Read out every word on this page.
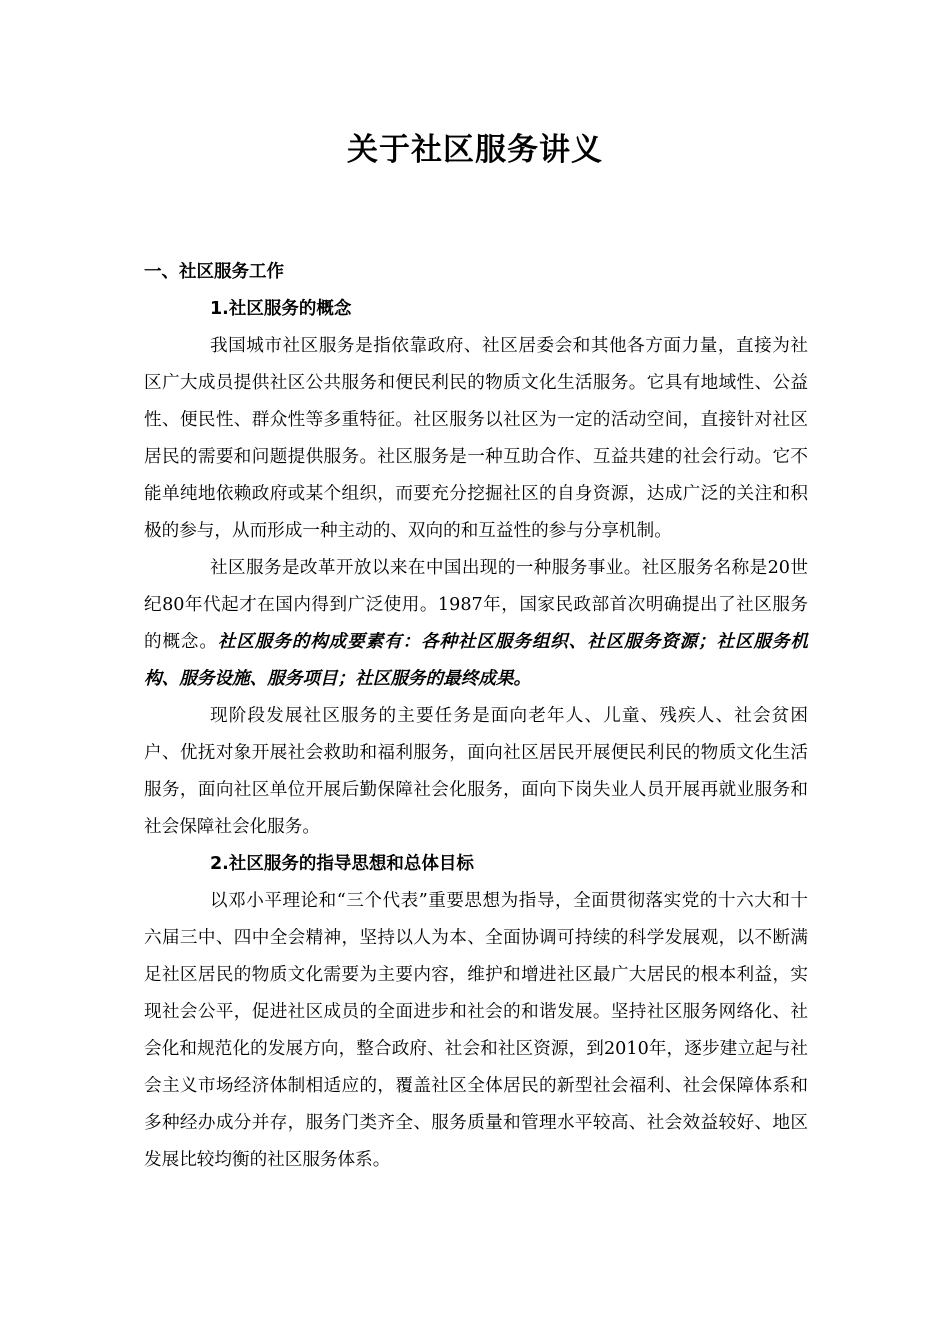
关于社区服务讲义

一、社区服务工作

1.社区服务的概念

我国城市社区服务是指依靠政府、社区居委会和其他各方面力量，直接为社区广大成员提供社区公共服务和便民利民的物质文化生活服务。它具有地域性、公益性、便民性、群众性等多重特征。社区服务以社区为一定的活动空间，直接针对社区居民的需要和问题提供服务。社区服务是一种互助合作、互益共建的社会行动。它不能单纯地依赖政府或某个组织，而要充分挖掘社区的自身资源，达成广泛的关注和积极的参与，从而形成一种主动的、双向的和互益性的参与分享机制。

社区服务是改革开放以来在中国出现的一种服务事业。社区服务名称是20世纪80年代起才在国内得到广泛使用。1987年，国家民政部首次明确提出了社区服务的概念。社区服务的构成要素有：各种社区服务组织、社区服务资源；社区服务机构、服务设施、服务项目；社区服务的最终成果。

现阶段发展社区服务的主要任务是面向老年人、儿童、残疾人、社会贫困户、优抚对象开展社会救助和福利服务，面向社区居民开展便民利民的物质文化生活服务，面向社区单位开展后勤保障社会化服务，面向下岗失业人员开展再就业服务和社会保障社会化服务。

2.社区服务的指导思想和总体目标

以邓小平理论和“三个代表”重要思想为指导，全面贯彻落实党的十六大和十六届三中、四中全会精神，坚持以人为本、全面协调可持续的科学发展观，以不断满足社区居民的物质文化需要为主要内容，维护和增进社区最广大居民的根本利益，实现社会公平，促进社区成员的全面进步和社会的和谐发展。坚持社区服务网络化、社会化和规范化的发展方向，整合政府、社会和社区资源，到2010年，逐步建立起与社会主义市场经济体制相适应的，覆盖社区全体居民的新型社会福利、社会保障体系和多种经办成分并存，服务门类齐全、服务质量和管理水平较高、社会效益较好、地区发展比较均衡的社区服务体系。
